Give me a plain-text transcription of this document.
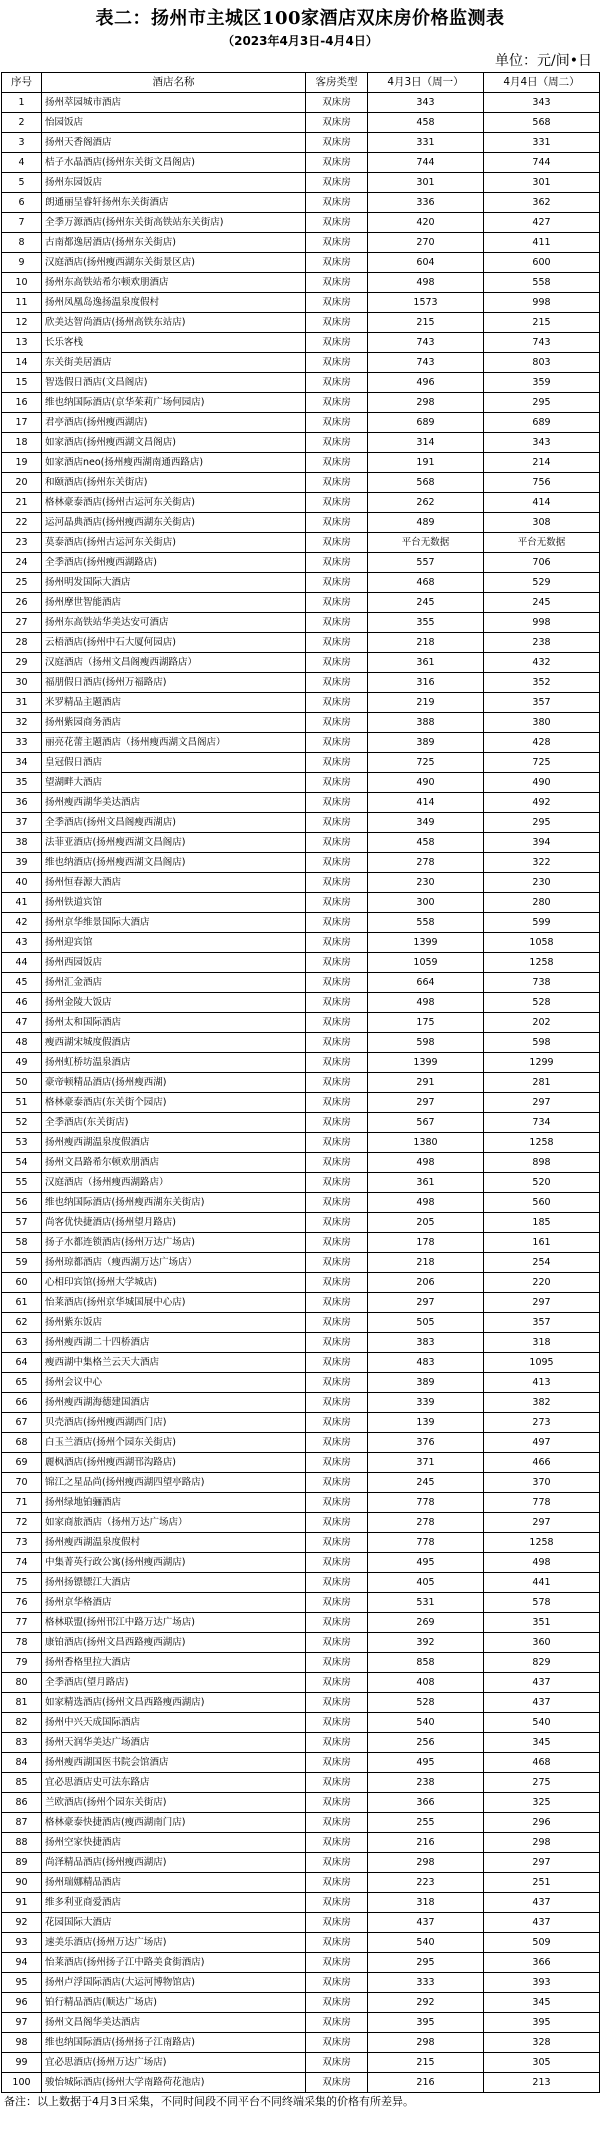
表二：扬州市主城区100家酒店双床房价格监测表
（2023年4月3日-4月4日）
单位：元/间•日
序号	酒店名称	客房类型	4月3日（周一）	4月4日（周二）
1	扬州萃园城市酒店	双床房	343	343
2	怡园饭店	双床房	458	568
3	扬州天香阁酒店	双床房	331	331
4	桔子水晶酒店(扬州东关街文昌阁店)	双床房	744	744
5	扬州东园饭店	双床房	301	301
6	朗通丽呈睿轩扬州东关街酒店	双床房	336	362
7	全季万源酒店(扬州东关街高铁站东关街店)	双床房	420	427
8	古南都逸居酒店(扬州东关街店)	双床房	270	411
9	汉庭酒店(扬州瘦西湖东关街景区店)	双床房	604	600
10	扬州东高铁站希尔顿欢朋酒店	双床房	498	558
11	扬州凤凰岛逸扬温泉度假村	双床房	1573	998
12	欣美达智尚酒店(扬州高铁东站店)	双床房	215	215
13	长乐客栈	双床房	743	743
14	东关街美居酒店	双床房	743	803
15	智选假日酒店(文昌阁店)	双床房	496	359
16	维也纳国际酒店(京华茱莉广场何园店)	双床房	298	295
17	君亭酒店(扬州瘦西湖店)	双床房	689	689
18	如家酒店(扬州瘦西湖文昌阁店)	双床房	314	343
19	如家酒店neo(扬州瘦西湖南通西路店)	双床房	191	214
20	和颐酒店(扬州东关街店)	双床房	568	756
21	格林豪泰酒店(扬州古运河东关街店)	双床房	262	414
22	运河晶典酒店(扬州瘦西湖东关街店)	双床房	489	308
23	莫泰酒店(扬州古运河东关街店)	双床房	平台无数据	平台无数据
24	全季酒店(扬州瘦西湖路店)	双床房	557	706
25	扬州明发国际大酒店	双床房	468	529
26	扬州摩世智能酒店	双床房	245	245
27	扬州东高铁站华美达安可酒店	双床房	355	998
28	云梧酒店(扬州中石大厦何园店)	双床房	218	238
29	汉庭酒店（扬州文昌阁瘦西湖路店）	双床房	361	432
30	福朋假日酒店(扬州万福路店)	双床房	316	352
31	米罗精品主题酒店	双床房	219	357
32	扬州紫园商务酒店	双床房	388	380
33	丽亮花蕾主题酒店（扬州瘦西湖文昌阁店）	双床房	389	428
34	皇冠假日酒店	双床房	725	725
35	望湖畔大酒店	双床房	490	490
36	扬州瘦西湖华美达酒店	双床房	414	492
37	全季酒店(扬州文昌阁瘦西湖店)	双床房	349	295
38	法菲亚酒店(扬州瘦西湖文昌阁店)	双床房	458	394
39	维也纳酒店(扬州瘦西湖文昌阁店)	双床房	278	322
40	扬州恒春源大酒店	双床房	230	230
41	扬州铁道宾馆	双床房	300	280
42	扬州京华维景国际大酒店	双床房	558	599
43	扬州迎宾馆	双床房	1399	1058
44	扬州西园饭店	双床房	1059	1258
45	扬州汇金酒店	双床房	664	738
46	扬州金陵大饭店	双床房	498	528
47	扬州太和国际酒店	双床房	175	202
48	瘦西湖宋城度假酒店	双床房	598	598
49	扬州虹桥坊温泉酒店	双床房	1399	1299
50	豪帝顿精品酒店(扬州瘦西湖)	双床房	291	281
51	格林豪泰酒店(东关街个园店)	双床房	297	297
52	全季酒店(东关街店)	双床房	567	734
53	扬州瘦西湖温泉度假酒店	双床房	1380	1258
54	扬州文昌路希尔顿欢朋酒店	双床房	498	898
55	汉庭酒店（扬州瘦西湖路店）	双床房	361	520
56	维也纳国际酒店(扬州瘦西湖东关街店)	双床房	498	560
57	尚客优快捷酒店(扬州望月路店)	双床房	205	185
58	扬子水都连锁酒店(扬州万达广场店)	双床房	178	161
59	扬州琼都酒店（瘦西湖万达广场店）	双床房	218	254
60	心相印宾馆(扬州大学城店)	双床房	206	220
61	怡莱酒店(扬州京华城国展中心店)	双床房	297	297
62	扬州紫东饭店	双床房	505	357
63	扬州瘦西湖二十四桥酒店	双床房	383	318
64	瘦西湖中集格兰云天大酒店	双床房	483	1095
65	扬州会议中心	双床房	389	413
66	扬州瘦西湖海德建国酒店	双床房	339	382
67	贝壳酒店(扬州瘦西湖西门店)	双床房	139	273
68	白玉兰酒店(扬州个园东关街店)	双床房	376	497
69	麗枫酒店(扬州瘦西湖邗沟路店)	双床房	371	466
70	锦江之星品尚(扬州瘦西湖四望亭路店)	双床房	245	370
71	扬州绿地铂骊酒店	双床房	778	778
72	如家商旅酒店（扬州万达广场店）	双床房	278	297
73	扬州瘦西湖温泉度假村	双床房	778	1258
74	中集菁英行政公寓(扬州瘦西湖店)	双床房	495	498
75	扬州扬镖镖江大酒店	双床房	405	441
76	扬州京华格酒店	双床房	531	578
77	格林联盟(扬州邗江中路万达广场店)	双床房	269	351
78	康铂酒店(扬州文昌西路瘦西湖店)	双床房	392	360
79	扬州香格里拉大酒店	双床房	858	829
80	全季酒店(望月路店)	双床房	408	437
81	如家精选酒店(扬州文昌西路瘦西湖店)	双床房	528	437
82	扬州中兴天成国际酒店	双床房	540	540
83	扬州天润华美达广场酒店	双床房	256	345
84	扬州瘦西湖国医书院会馆酒店	双床房	495	468
85	宜必思酒店史可法东路店	双床房	238	275
86	兰欧酒店(扬州个园东关街店)	双床房	366	325
87	格林豪泰快捷酒店(瘦西湖南门店)	双床房	255	296
88	扬州空家快捷酒店	双床房	216	298
89	尚泽精品酒店(扬州瘦西湖店)	双床房	298	297
90	扬州瑞娜精品酒店	双床房	223	251
91	维多利亚商爱酒店	双床房	318	437
92	花园国际大酒店	双床房	437	437
93	速美乐酒店(扬州万达广场店)	双床房	540	509
94	怡莱酒店(扬州扬子江中路美食街酒店)	双床房	295	366
95	扬州卢浮国际酒店(大运河博物馆店)	双床房	333	393
96	铂行精品酒店(顺达广场店)	双床房	292	345
97	扬州文昌阁华美达酒店	双床房	395	395
98	维也纳国际酒店(扬州扬子江南路店)	双床房	298	328
99	宜必思酒店(扬州万达广场店)	双床房	215	305
100	骏怡城际酒店(扬州大学南路荷花池店)	双床房	216	213
备注：以上数据于4月3日采集，不同时间段不同平台不同终端采集的价格有所差异。
